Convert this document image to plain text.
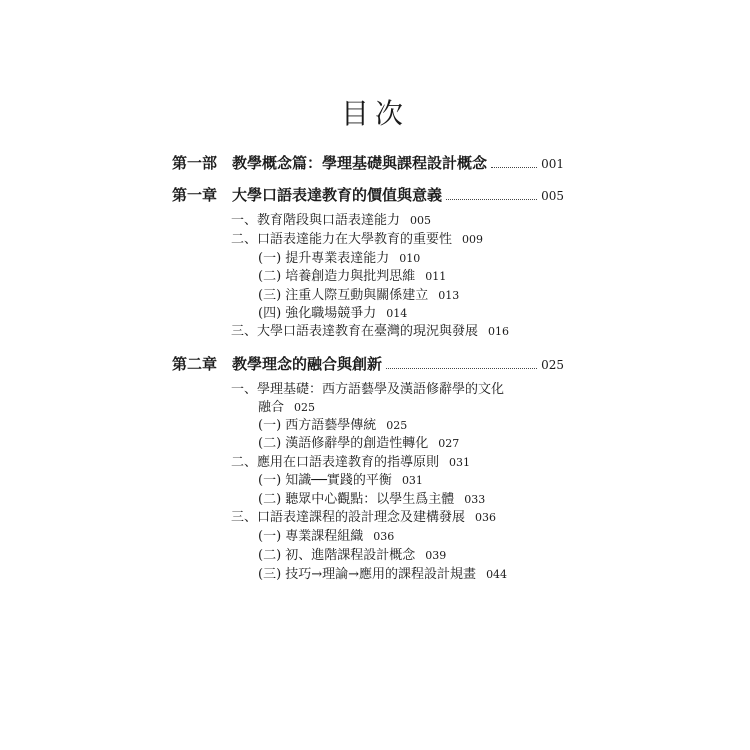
目次
第一部 教學概念篇：學理基礎與課程設計概念	001
第一章 大學口語表達教育的價值與意義	005
一、教育階段與口語表達能力 005
二、口語表達能力在大學教育的重要性 009
(一) 提升專業表達能力 010
(二) 培養創造力與批判思維 011
(三) 注重人際互動與關係建立 013
(四) 強化職場競爭力 014
三、大學口語表達教育在臺灣的現況與發展 016
第二章 教學理念的融合與創新	025
一、學理基礎：西方語藝學及漢語修辭學的文化
融合 025
(一) 西方語藝學傳統 025
(二) 漢語修辭學的創造性轉化 027
二、應用在口語表達教育的指導原則 031
(一) 知識──實踐的平衡 031
(二) 聽眾中心觀點：以學生爲主體 033
三、口語表達課程的設計理念及建構發展 036
(一) 專業課程組織 036
(二) 初、進階課程設計概念 039
(三) 技巧→理論→應用的課程設計規畫 044
